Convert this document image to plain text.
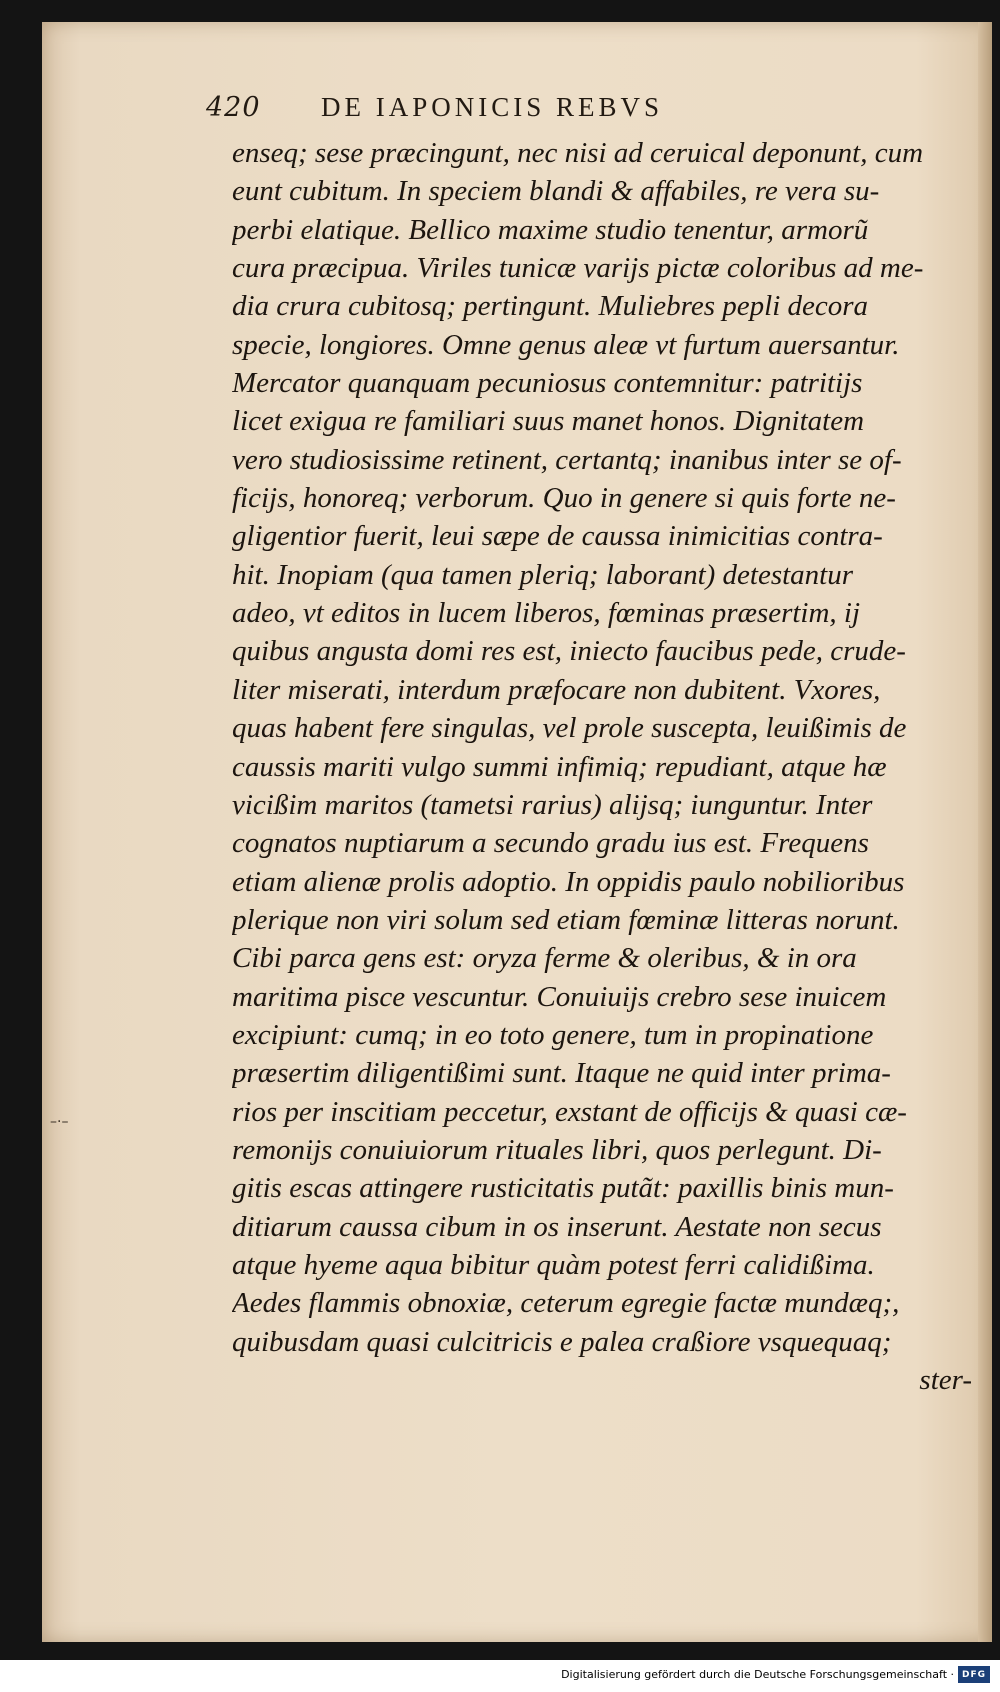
420 DE IAPONICIS REBVS
–·–
enseq; sese præcingunt, nec nisi ad ceruical deponunt, cum
eunt cubitum. In speciem blandi & affabiles, re vera su-
perbi elatique. Bellico maxime studio tenentur, armorũ
cura præcipua. Viriles tunicæ varijs pictæ coloribus ad me-
dia crura cubitosq; pertingunt. Muliebres pepli decora
specie, longiores. Omne genus aleæ vt furtum auersantur.
Mercator quanquam pecuniosus contemnitur: patritijs
licet exigua re familiari suus manet honos. Dignitatem
vero studiosissime retinent, certantq; inanibus inter se of-
ficijs, honoreq; verborum. Quo in genere si quis forte ne-
gligentior fuerit, leui sæpe de caussa inimicitias contra-
hit. Inopiam (qua tamen pleriq; laborant) detestantur
adeo, vt editos in lucem liberos, fœminas præsertim, ij
quibus angusta domi res est, iniecto faucibus pede, crude-
liter miserati, interdum præfocare non dubitent. Vxores,
quas habent fere singulas, vel prole suscepta, leuißimis de
caussis mariti vulgo summi infimiq; repudiant, atque hæ
vicißim maritos (tametsi rarius) alijsq; iunguntur. Inter
cognatos nuptiarum a secundo gradu ius est. Frequens
etiam alienæ prolis adoptio. In oppidis paulo nobilioribus
plerique non viri solum sed etiam fœminæ litteras norunt.
Cibi parca gens est: oryza ferme & oleribus, & in ora
maritima pisce vescuntur. Conuiuijs crebro sese inuicem
excipiunt: cumq; in eo toto genere, tum in propinatione
præsertim diligentißimi sunt. Itaque ne quid inter prima-
rios per inscitiam peccetur, exstant de officijs & quasi cæ-
remonijs conuiuiorum rituales libri, quos perlegunt. Di-
gitis escas attingere rusticitatis putãt: paxillis binis mun-
ditiarum caussa cibum in os inserunt. Aestate non secus
atque hyeme aqua bibitur quàm potest ferri calidißima.
Aedes flammis obnoxiæ, ceterum egregie factæ mundæq;,
quibusdam quasi culcitricis e palea craßiore vsquequaq;
ster-
Digitalisierung gefördert durch die Deutsche Forschungsgemeinschaft · DFG
